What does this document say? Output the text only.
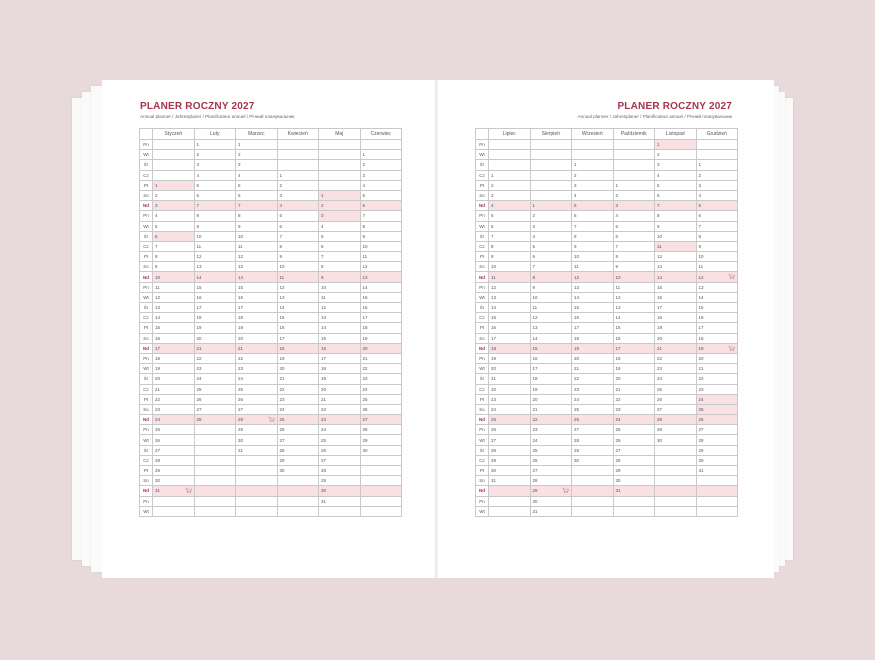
PLANER ROCZNY 2027
Annual planner / Jahresplaner / Planificateur annuel / Річний планувальник
	Styczeń	Luty	Marzec	Kwiecień	Maj	Czerwiec
Pn		1	1			
Wt		2	2			1
Śr		3	3			2
Cz		4	4	1		3
Pt	1	5	5	2		4
So	2	6	6	3	1	5
Nd	3	7	7	4	2	6
Pn	4	8	8	5	3	7
Wt	5	9	9	6	4	8
Śr	6	10	10	7	5	9
Cz	7	11	11	8	6	10
Pt	8	12	12	9	7	11
So	9	13	13	10	8	12
Nd	10	14	14	11	9	13
Pn	11	15	15	12	10	14
Wt	12	16	16	13	11	15
Śr	13	17	17	14	12	16
Cz	14	18	18	15	13	17
Pt	15	19	19	16	14	18
So	16	20	20	17	15	19
Nd	17	21	21	18	16	20
Pn	18	22	22	19	17	21
Wt	19	23	23	20	18	22
Śr	20	24	24	21	19	23
Cz	21	25	25	22	20	24
Pt	22	26	26	23	21	25
So	23	27	27	24	22	26
Nd	24	28	28	25	23	27
Pn	25		29	26	24	28
Wt	26		30	27	25	29
Śr	27		31	28	26	30
Cz	28			29	27	
Pt	29			30	28	
So	30				29	
Nd	31				30	
Pn					31	
Wt						
PLANER ROCZNY 2027
Annual planner / Jahresplaner / Planificateur annuel / Річний планувальник
	Lipiec	Sierpień	Wrzesień	Październik	Listopad	Grudzień
Pn					1	
Wt					2	
Śr			1		3	1
Cz	1		2		4	2
Pt	2		3	1	5	3
So	3		4	2	6	4
Nd	4	1	5	3	7	5
Pn	5	2	6	4	8	6
Wt	6	3	7	5	9	7
Śr	7	4	8	6	10	8
Cz	8	5	9	7	11	9
Pt	9	6	10	8	12	10
So	10	7	11	9	13	11
Nd	11	8	12	10	14	12

Pn	12	9	13	11	15	13
Wt	13	10	14	12	16	14
Śr	14	11	15	13	17	15
Cz	15	12	16	14	18	16
Pt	16	13	17	15	19	17
So	17	14	18	16	20	18
Nd	18	15	19	17	21	19

Pn	19	16	20	18	22	20
Wt	20	17	21	19	23	21
Śr	21	18	22	20	24	22
Cz	22	19	23	21	25	23
Pt	23	20	24	22	26	24
So	24	21	25	23	27	25
Nd	25	22	26	24	28	26
Pn	26	23	27	25	29	27
Wt	27	24	28	26	30	28
Śr	28	25	29	27		29
Cz	29	26	30	28		30
Pt	30	27		29		31
So	31	28		30		
Nd		29		31		
Pn		30				
Wt		31				
